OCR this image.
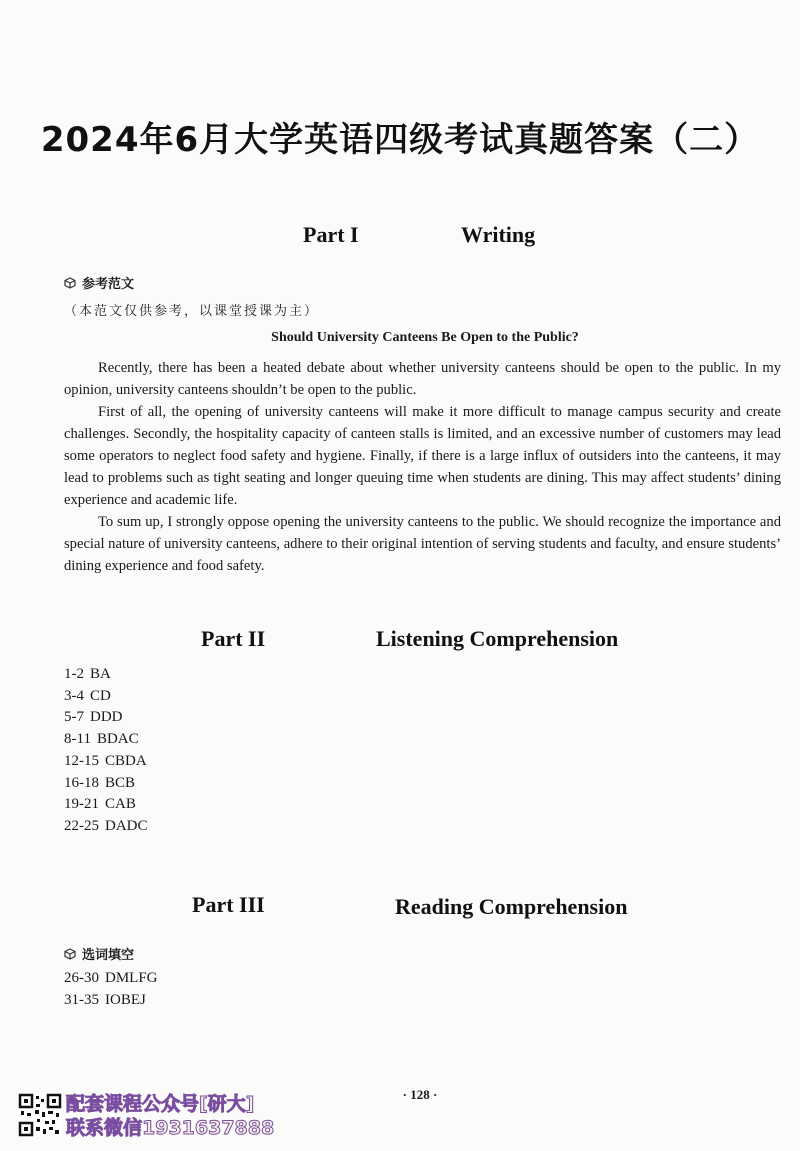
2024年6月大学英语四级考试真题答案（二）
Part I	Writing
参考范文
（本范文仅供参考，以课堂授课为主）
Should University Canteens Be Open to the Public?

Recently, there has been a heated debate about whether university canteens should be open to the public. In my opinion, university canteens shouldn’t be open to the public.

First of all, the opening of university canteens will make it more difficult to manage campus security and create challenges. Secondly, the hospitality capacity of canteen stalls is limited, and an excessive number of customers may lead some operators to neglect food safety and hygiene. Finally, if there is a large influx of outsiders into the canteens, it may lead to problems such as tight seating and longer queuing time when students are dining. This may affect students’ dining experience and academic life.

To sum up, I strongly oppose opening the university canteens to the public. We should recognize the importance and special nature of university canteens, adhere to their original intention of serving students and faculty, and ensure students’ dining experience and food safety.

Part II	Listening Comprehension
1-2 BA
3-4 CD
5-7 DDD
8-11 BDAC
12-15 CBDA
16-18 BCB
19-21 CAB
22-25 DADC
Part III	Reading Comprehension
选词填空
26-30 DMLFG
31-35 IOBEJ
· 128 ·
配套课程公众号[研大]
联系微信1931637888
